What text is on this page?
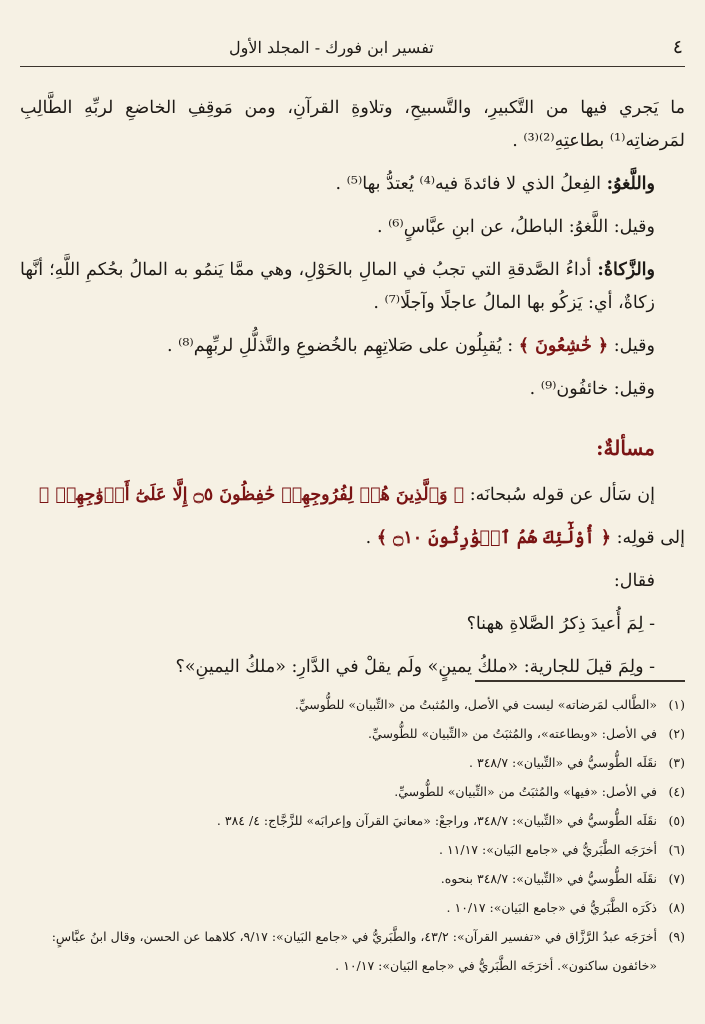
٤
تفسير ابن فورك - المجلد الأول

ما يَجري فيها من التَّكبيرِ، والتَّسبيحِ، وتلاوةِ القرآنِ، ومن مَوقِفِ الخاضعِ لربِّهِ الطَّالِبِ لمَرضاتِه⁽¹⁾ بطاعتِهِ⁽²⁾⁽³⁾ .

واللَّغوُ: الفِعلُ الذي لا فائدةَ فيه⁽⁴⁾ يُعتدُّ بها⁽⁵⁾ .

وقيل: اللَّغوُ: الباطلُ، عن ابنِ عبَّاسٍ⁽⁶⁾ .

والزَّكاةُ: أداءُ الصَّدقةِ التي تجبُ في المالِ بالحَوْلِ، وهي ممَّا يَنمُو به المالُ بحُكمِ اللَّهِ؛ أنَّها زكاةٌ، أي: يَزكُو بها المالُ عاجلًا وآجلًا⁽⁷⁾ .

وقيل: ﴿ خَٰشِعُونَ ﴾ : يُقبِلُون على صَلاتِهِم بالخُضوعِ والتَّذلُّلِ لربِّهِم⁽⁸⁾ .

وقيل: خائفُون⁽⁹⁾ .

مسألةٌ:

إن سَأل عن قوله سُبحانَه: ﴿ وَٱلَّذِينَ هُمۡ لِفُرُوجِهِمۡ حَٰفِظُونَ ۝٥ إِلَّا عَلَىٰٓ أَزۡوَٰجِهِمۡ ﴾

إلى قولِه: ﴿ أُوْلَٰٓئِكَ هُمُ ٱلۡوَٰرِثُونَ ۝١٠ ﴾ .

فقال:

- لِمَ أُعيدَ ذِكرُ الصَّلاةِ ههنا؟

- ولِمَ قيلَ للجارية: «ملكُ يمينٍ» ولَم يقلْ في الدَّارِ: «ملكُ اليمينِ»؟

(١)
«الطَّالب لمَرضاته» ليست في الأصل، والمُثبتُ من «التِّبيان» للطُّوسيِّ.
(٢)
في الأصل: «وبطاعته»، والمُثبَتُ من «التِّبيان» للطُّوسيِّ.
(٣)
نقَلَه الطُّوسيُّ في «التِّبيان»: ٣٤٨/٧ .
(٤)
في الأصل: «فيها» والمُثبَتُ من «التِّبيان» للطُّوسيِّ.
(٥)
نقَلَه الطُّوسيُّ في «التِّبيان»: ٣٤٨/٧، وراجعْ: «معانيَ القرآن وإعرابَه» للزَّجَّاج: ٤/ ٣٨٤ .
(٦)
أخرَجَه الطَّبَريُّ في «جامع البَيان»: ١١/١٧ .
(٧)
نقَلَه الطُّوسيُّ في «التِّبيان»: ٣٤٨/٧ بنحوه.
(٨)
ذكَرَه الطَّبَريُّ في «جامع البَيان»: ١٠/١٧ .
(٩)
أخرَجَه عبدُ الرَّزَّاق في «تفسير القرآن»: ٤٣/٢، والطَّبَريُّ في «جامع البَيان»: ٩/١٧، كلاهما عن الحسن، وقال ابنُ عبَّاسٍ: «خائفون ساكنون». أخرَجَه الطَّبَريُّ في «جامع البَيان»: ١٠/١٧ .
